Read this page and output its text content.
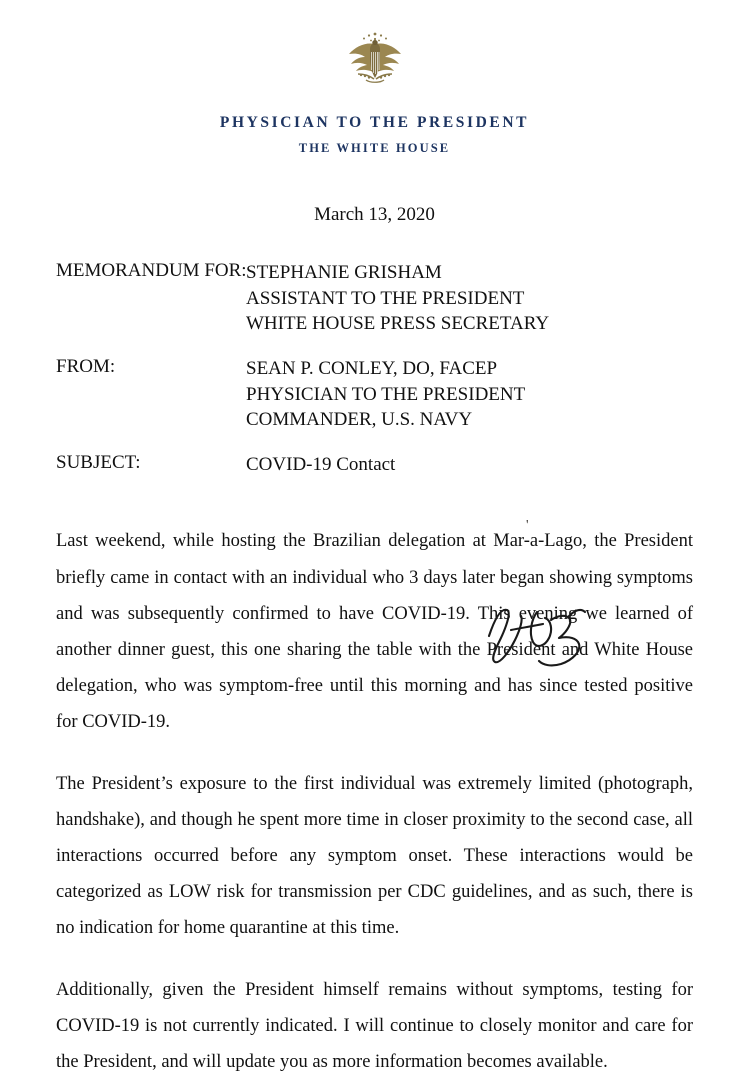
PHYSICIAN TO THE PRESIDENT
THE WHITE HOUSE
March 13, 2020
MEMORANDUM FOR: STEPHANIE GRISHAM
ASSISTANT TO THE PRESIDENT
WHITE HOUSE PRESS SECRETARY
FROM:	SEAN P. CONLEY, DO, FACEP
PHYSICIAN TO THE PRESIDENT
COMMANDER, U.S. NAVY
SUBJECT:	COVID-19 Contact
'

Last weekend, while hosting the Brazilian delegation at Mar-a-Lago, the President briefly came in contact with an individual who 3 days later began showing symptoms and was subsequently confirmed to have COVID-19. This evening we learned of another dinner guest, this one sharing the table with the President and White House delegation, who was symptom-free until this morning and has since tested positive for COVID-19.

The President’s exposure to the first individual was extremely limited (photograph, handshake), and though he spent more time in closer proximity to the second case, all interactions occurred before any symptom onset. These interactions would be categorized as LOW risk for transmission per CDC guidelines, and as such, there is no indication for home quarantine at this time.

Additionally, given the President himself remains without symptoms, testing for COVID-19 is not currently indicated. I will continue to closely monitor and care for the President, and will update you as more information becomes available.
